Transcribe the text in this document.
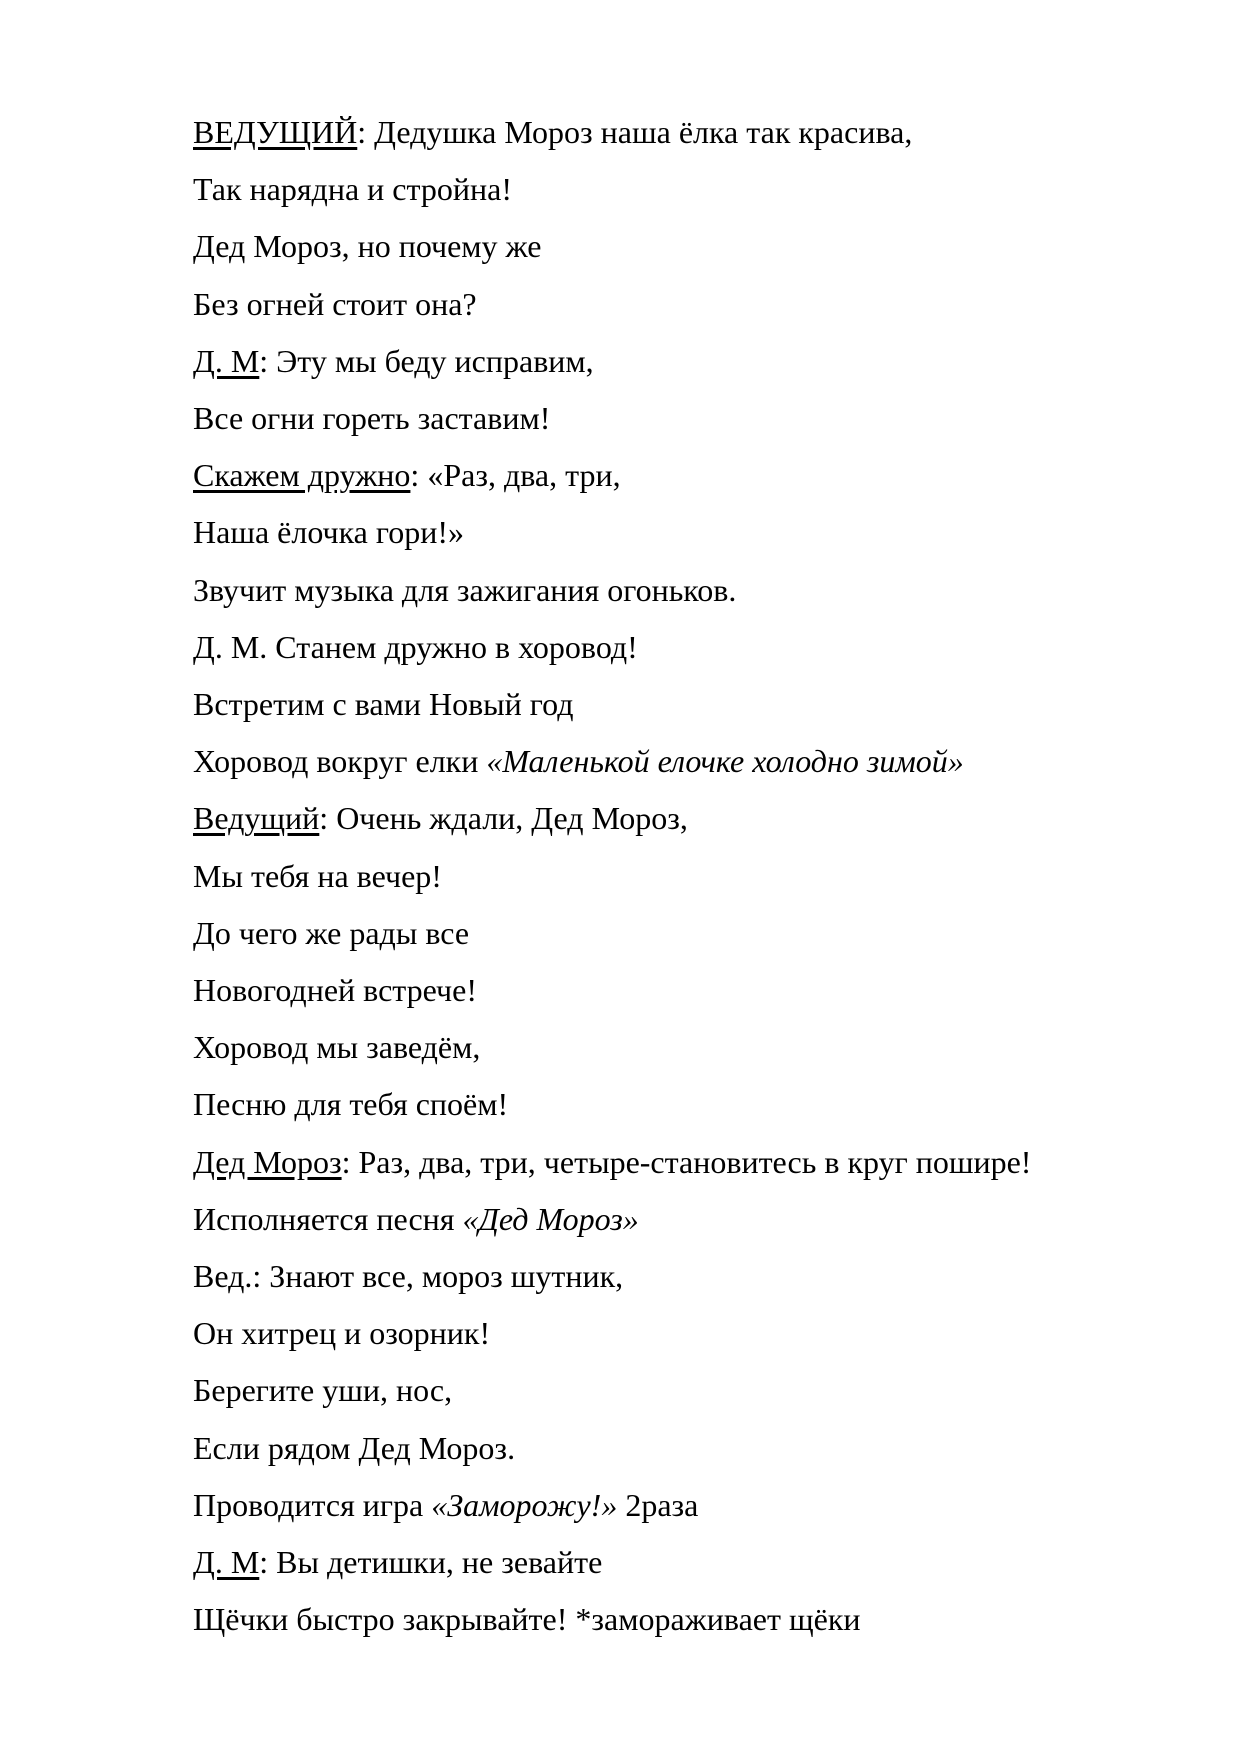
ВЕДУЩИЙ: Дедушка Мороз наша ёлка так красива,

Так нарядна и стройна!

Дед Мороз, но почему же

Без огней стоит она?

Д. М: Эту мы беду исправим,

Все огни гореть заставим!

Скажем дружно: «Раз, два, три,

Наша ёлочка гори!»

Звучит музыка для зажигания огоньков.

Д. М. Станем дружно в хоровод!

Встретим с вами Новый год

Хоровод вокруг елки «Маленькой елочке холодно зимой»

Ведущий: Очень ждали, Дед Мороз,

Мы тебя на вечер!

До чего же рады все

Новогодней встрече!

Хоровод мы заведём,

Песню для тебя споём!

Дед Мороз: Раз, два, три, четыре-становитесь в круг пошире!

Исполняется песня «Дед Мороз»

Вед.: Знают все, мороз шутник,

Он хитрец и озорник!

Берегите уши, нос,

Если рядом Дед Мороз.

Проводится игра «Заморожу!» 2раза

Д. М: Вы детишки, не зевайте

Щёчки быстро закрывайте! *замораживает щёки
